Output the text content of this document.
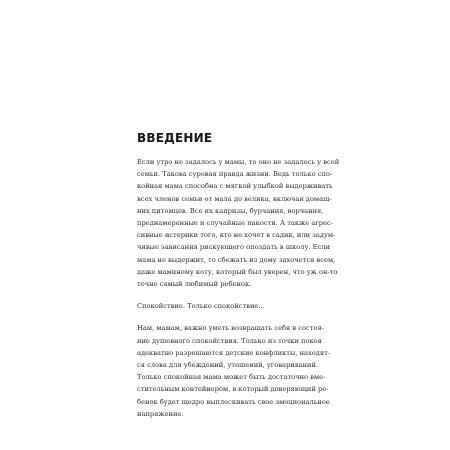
ВВЕДЕНИЕ

Если утро не задалось у мамы, то оно не задалось у всей
семьи. Такова суровая правда жизни. Ведь только спо-
койная мама способна с мягкой улыбкой выдерживать
всех членов семьи от мала до велика, включая домаш-
них питомцев. Все их капризы, бурчания, ворчания,
преднамеренные и случайные пакости. А также агрес-
сивные истерики того, кто не хочет в садик, или задум-
чивые зависания рискующего опоздать в школу. Если
мама не выдержит, то сбежать из дому захочется всем,
даже маминому коту, который был уверен, что уж он-то
точно самый любимый ребенок.

Спокойствие. Только спокойствие...

Нам, мамам, важно уметь возвращать себя в состоя-
ние душевного спокойствия. Только из точки покоя
адекватно разрешаются детские конфликты, находят-
ся слова для убеждений, утешений, уговариваний.
Только спокойная мама может быть достаточно вме-
стительным контейнером, в который доверяющий ре-
бенок будет щедро выплескивать свое эмоциональное
напряжение.
